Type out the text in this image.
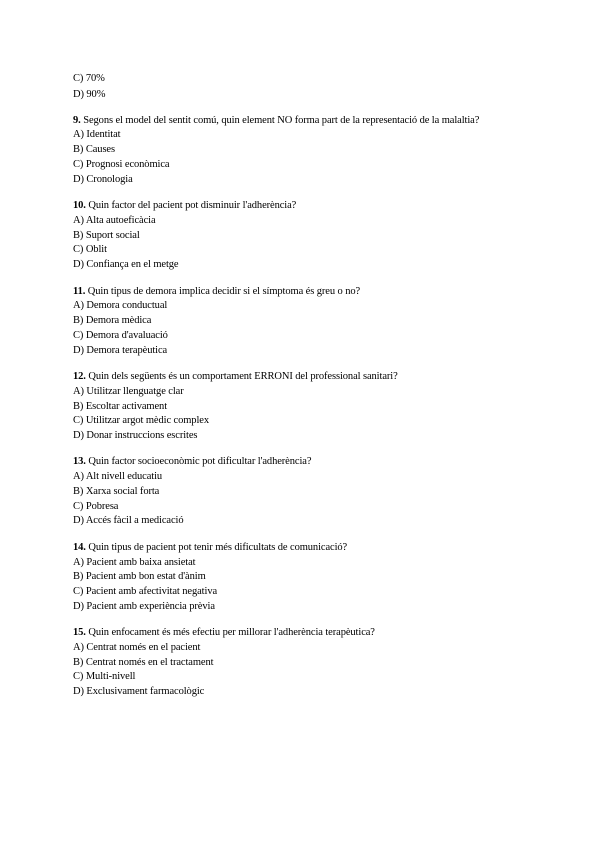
C) 70%
D) 90%
9. Segons el model del sentit comú, quin element NO forma part de la representació de la malaltia?
A) Identitat
B) Causes
C) Prognosi econòmica
D) Cronologia
10. Quin factor del pacient pot disminuir l'adherència?
A) Alta autoeficàcia
B) Suport social
C) Oblit
D) Confiança en el metge
11. Quin tipus de demora implica decidir si el símptoma és greu o no?
A) Demora conductual
B) Demora mèdica
C) Demora d'avaluació
D) Demora terapèutica
12. Quin dels següents és un comportament ERRONI del professional sanitari?
A) Utilitzar llenguatge clar
B) Escoltar activament
C) Utilitzar argot mèdic complex
D) Donar instruccions escrites
13. Quin factor socioeconòmic pot dificultar l'adherència?
A) Alt nivell educatiu
B) Xarxa social forta
C) Pobresa
D) Accés fàcil a medicació
14. Quin tipus de pacient pot tenir més dificultats de comunicació?
A) Pacient amb baixa ansietat
B) Pacient amb bon estat d'ànim
C) Pacient amb afectivitat negativa
D) Pacient amb experiència prèvia
15. Quin enfocament és més efectiu per millorar l'adherència terapèutica?
A) Centrat només en el pacient
B) Centrat només en el tractament
C) Multi-nivell
D) Exclusivament farmacològic
